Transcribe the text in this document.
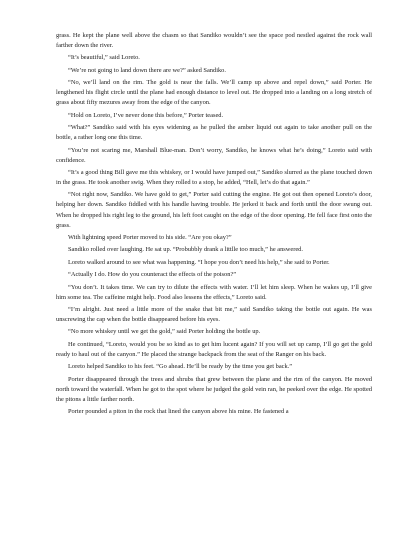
grass. He kept the plane well above the chasm so that Sandiko wouldn’t see the space pod nestled against the rock wall farther down the river.

“It’s beautiful,” said Loreto.

“We’re not going to land down there are we?” asked Sandiko.

“No, we’ll land on the rim. The gold is near the falls. We’ll camp up above and repel down,” said Porter. He lengthened his flight circle until the plane had enough distance to level out. He dropped into a landing on a long stretch of grass about fifty mezures away from the edge of the canyon.

“Hold on Loreto, I’ve never done this before,” Porter teased.

“What?” Sandiko said with his eyes widening as he pulled the amber liquid out again to take another pull on the bottle, a rather long one this time.

“You’re not scaring me, Marshall Blue-man. Don’t worry, Sandiko, he knows what he’s doing,” Loreto said with confidence.

“It’s a good thing Bill gave me this whiskey, or I would have jumped out,” Sandiko slurred as the plane touched down in the grass. He took another swig. When they rolled to a stop, he added, “Hell, let’s do that again.”

“Not right now, Sandiko. We have gold to get,” Porter said cutting the engine. He got out then opened Loreto’s door, helping her down. Sandiko fiddled with his handle having trouble. He jerked it back and forth until the door swung out. When he dropped his right leg to the ground, his left foot caught on the edge of the door opening. He fell face first onto the grass.

With lightning speed Porter moved to his side. “Are you okay?”

Sandiko rolled over laughing. He sat up. “Probubbly drank a littlle too much,” he answered.

Loreto walked around to see what was happening. “I hope you don’t need his help,” she said to Porter.

“Actually I do. How do you counteract the effects of the poison?”

“You don’t. It takes time. We can try to dilute the effects with water. I’ll let him sleep. When he wakes up, I’ll give him some tea. The caffeine might help. Food also lessens the effects,” Loreto said.

“I’m alright. Just need a little more of the snake that bit me,” said Sandiko taking the bottle out again. He was unscrewing the cap when the bottle disappeared before his eyes.

“No more whiskey until we get the gold,” said Porter holding the bottle up.

He continued, “Loreto, would you be so kind as to get him lucent again? If you will set up camp, I’ll go get the gold ready to haul out of the canyon.” He placed the strange backpack from the seat of the Ranger on his back.

Loreto helped Sandiko to his feet. “Go ahead. He’ll be ready by the time you get back.”

Porter disappeared through the trees and shrubs that grew between the plane and the rim of the canyon. He moved north toward the waterfall. When he got to the spot where he judged the gold vein ran, he peeked over the edge. He spotted the pitons a little farther north.

Porter pounded a piton in the rock that lined the canyon above his mine. He fastened a
